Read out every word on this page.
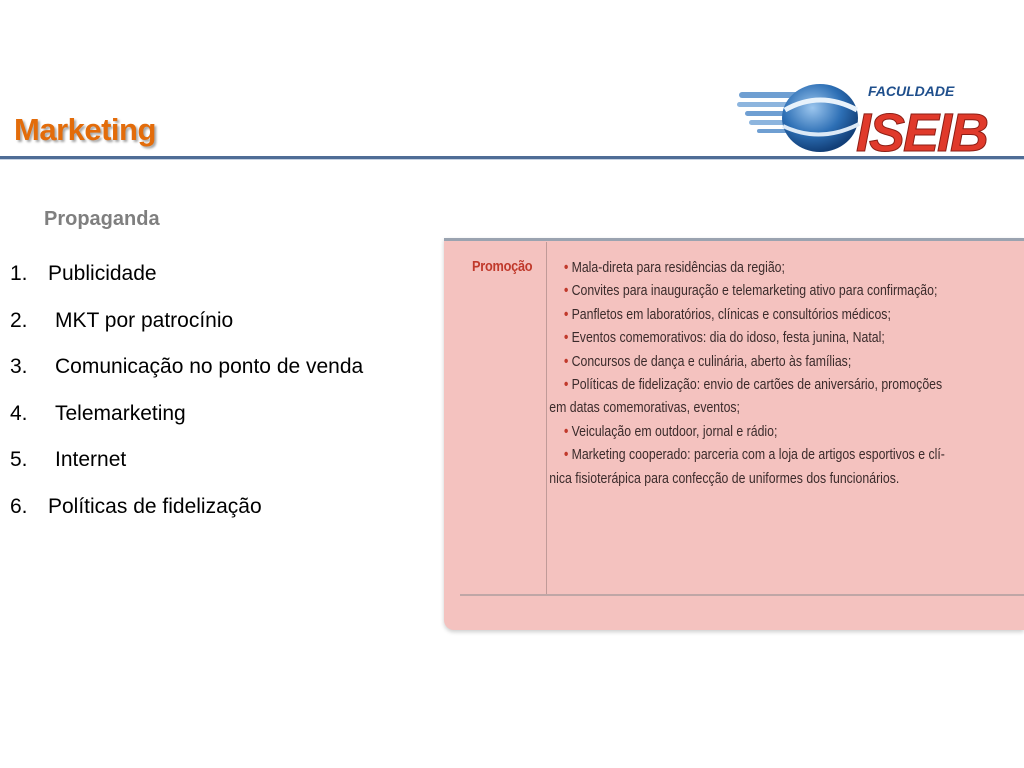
Marketing
FACULDADE
ISEIB
Propaganda
1. Publicidade
2. MKT por patrocínio
3. Comunicação no ponto de venda
4. Telemarketing
5. Internet
6. Políticas de fidelização
Promoção • Mala-direta para residências da região;
• Convites para inauguração e telemarketing ativo para confirmação;
• Panfletos em laboratórios, clínicas e consultórios médicos;
• Eventos comemorativos: dia do idoso, festa junina, Natal;
• Concursos de dança e culinária, aberto às famílias;
• Políticas de fidelização: envio de cartões de aniversário, promoções
em datas comemorativas, eventos;
• Veiculação em outdoor, jornal e rádio;
• Marketing cooperado: parceria com a loja de artigos esportivos e clí-
nica fisioterápica para confecção de uniformes dos funcionários.
